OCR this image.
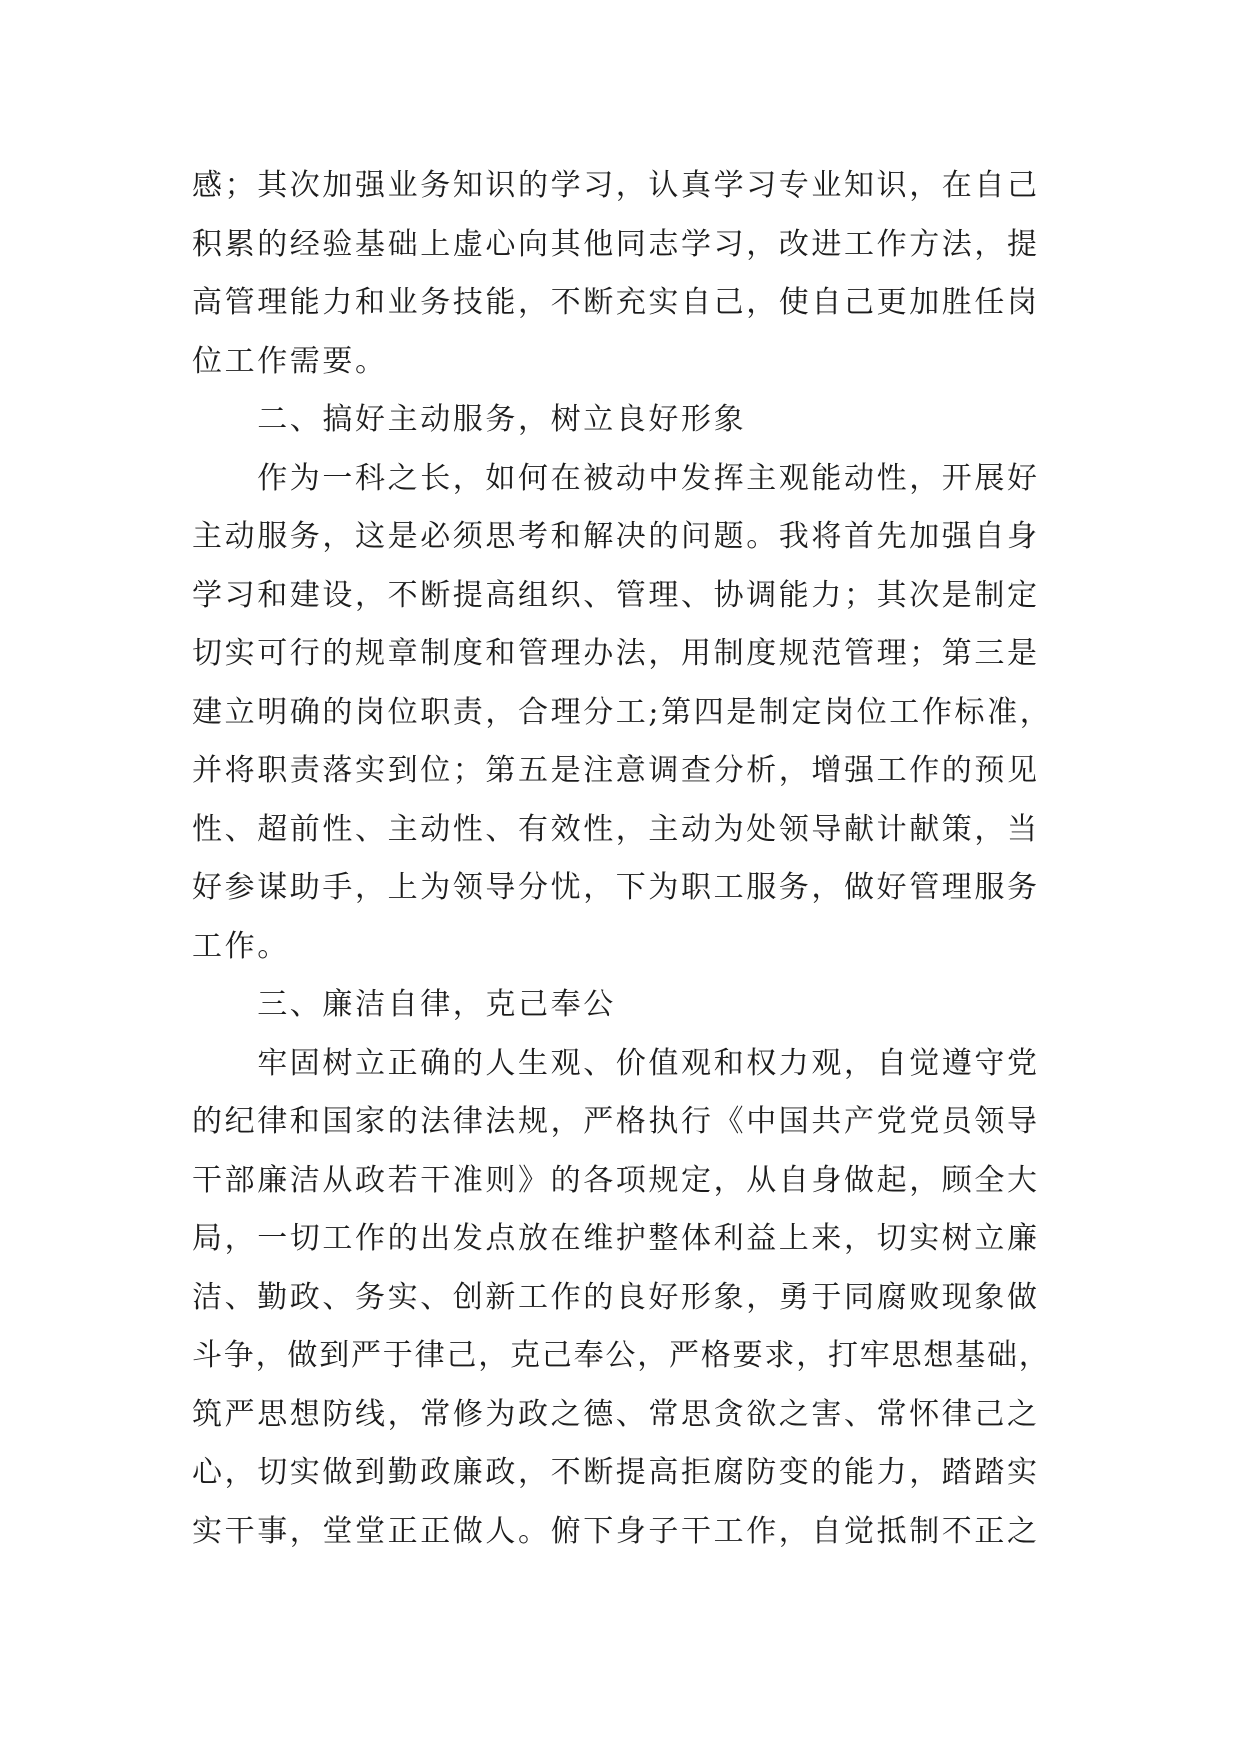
感；其次加强业务知识的学习，认真学习专业知识，在自己
积累的经验基础上虚心向其他同志学习，改进工作方法，提
高管理能力和业务技能，不断充实自己，使自己更加胜任岗
位工作需要。
　　二、搞好主动服务，树立良好形象
　　作为一科之长，如何在被动中发挥主观能动性，开展好
主动服务，这是必须思考和解决的问题。我将首先加强自身
学习和建设，不断提高组织、管理、协调能力；其次是制定
切实可行的规章制度和管理办法，用制度规范管理；第三是
建立明确的岗位职责，合理分工;第四是制定岗位工作标准，
并将职责落实到位；第五是注意调查分析，增强工作的预见
性、超前性、主动性、有效性，主动为处领导献计献策，当
好参谋助手，上为领导分忧，下为职工服务，做好管理服务
工作。
　　三、廉洁自律，克己奉公
　　牢固树立正确的人生观、价值观和权力观，自觉遵守党
的纪律和国家的法律法规，严格执行《中国共产党党员领导
干部廉洁从政若干准则》的各项规定，从自身做起，顾全大
局，一切工作的出发点放在维护整体利益上来，切实树立廉
洁、勤政、务实、创新工作的良好形象，勇于同腐败现象做
斗争，做到严于律己，克己奉公，严格要求，打牢思想基础，
筑严思想防线，常修为政之德、常思贪欲之害、常怀律己之
心，切实做到勤政廉政，不断提高拒腐防变的能力，踏踏实
实干事，堂堂正正做人。俯下身子干工作，自觉抵制不正之
